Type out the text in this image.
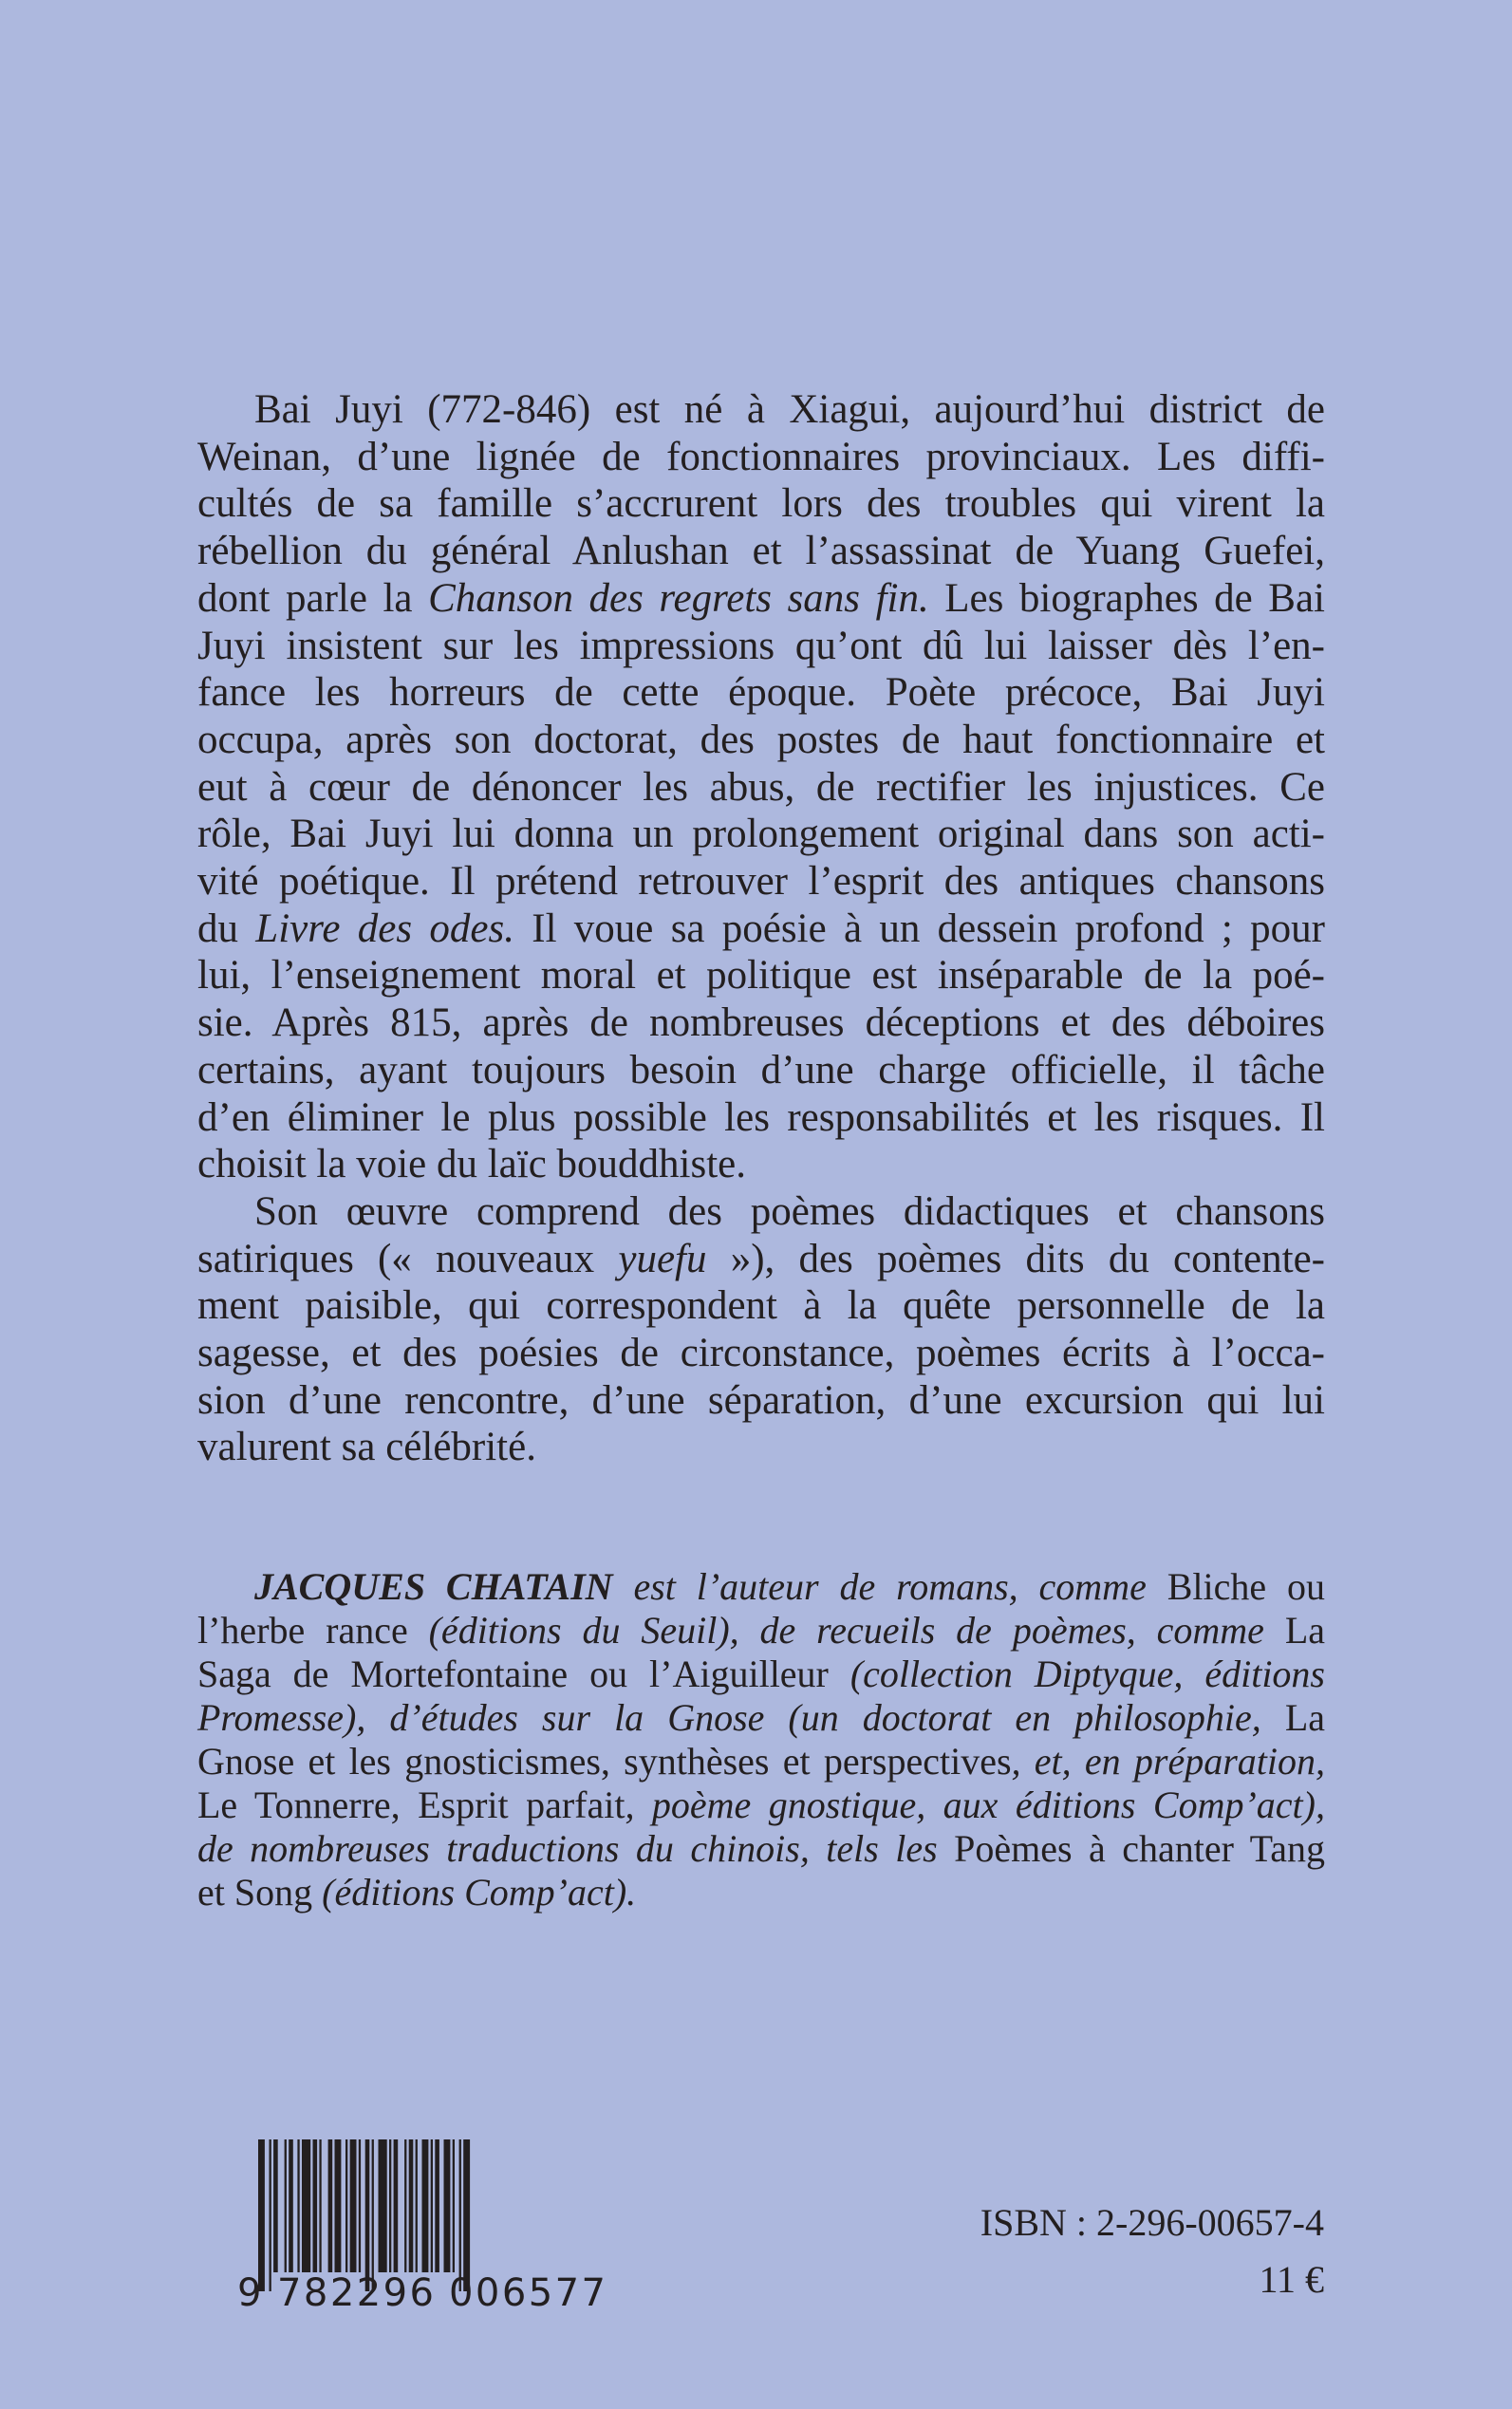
Bai Juyi (772-846) est né à Xiagui, aujourd’hui district de
Weinan, d’une lignée de fonctionnaires provinciaux. Les diffi-
cultés de sa famille s’accrurent lors des troubles qui virent la
rébellion du général Anlushan et l’assassinat de Yuang Guefei,
dont parle la Chanson des regrets sans fin. Les biographes de Bai
Juyi insistent sur les impressions qu’ont dû lui laisser dès l’en-
fance les horreurs de cette époque. Poète précoce, Bai Juyi
occupa, après son doctorat, des postes de haut fonctionnaire et
eut à cœur de dénoncer les abus, de rectifier les injustices. Ce
rôle, Bai Juyi lui donna un prolongement original dans son acti-
vité poétique. Il prétend retrouver l’esprit des antiques chansons
du Livre des odes. Il voue sa poésie à un dessein profond ; pour
lui, l’enseignement moral et politique est inséparable de la poé-
sie. Après 815, après de nombreuses déceptions et des déboires
certains, ayant toujours besoin d’une charge officielle, il tâche
d’en éliminer le plus possible les responsabilités et les risques. Il
choisit la voie du laïc bouddhiste.
Son œuvre comprend des poèmes didactiques et chansons
satiriques (« nouveaux yuefu »), des poèmes dits du contente-
ment paisible, qui correspondent à la quête personnelle de la
sagesse, et des poésies de circonstance, poèmes écrits à l’occa-
sion d’une rencontre, d’une séparation, d’une excursion qui lui
valurent sa célébrité.
JACQUES CHATAIN est l’auteur de romans, comme Bliche ou
l’herbe rance (éditions du Seuil), de recueils de poèmes, comme La
Saga de Mortefontaine ou l’Aiguilleur (collection Diptyque, éditions
Promesse), d’études sur la Gnose (un doctorat en philosophie, La
Gnose et les gnosticismes, synthèses et perspectives, et, en préparation,
Le Tonnerre, Esprit parfait, poème gnostique, aux éditions Comp’act),
de nombreuses traductions du chinois, tels les Poèmes à chanter Tang
et Song (éditions Comp’act).
9 782296 006577
ISBN : 2-296-00657-4
11 €
